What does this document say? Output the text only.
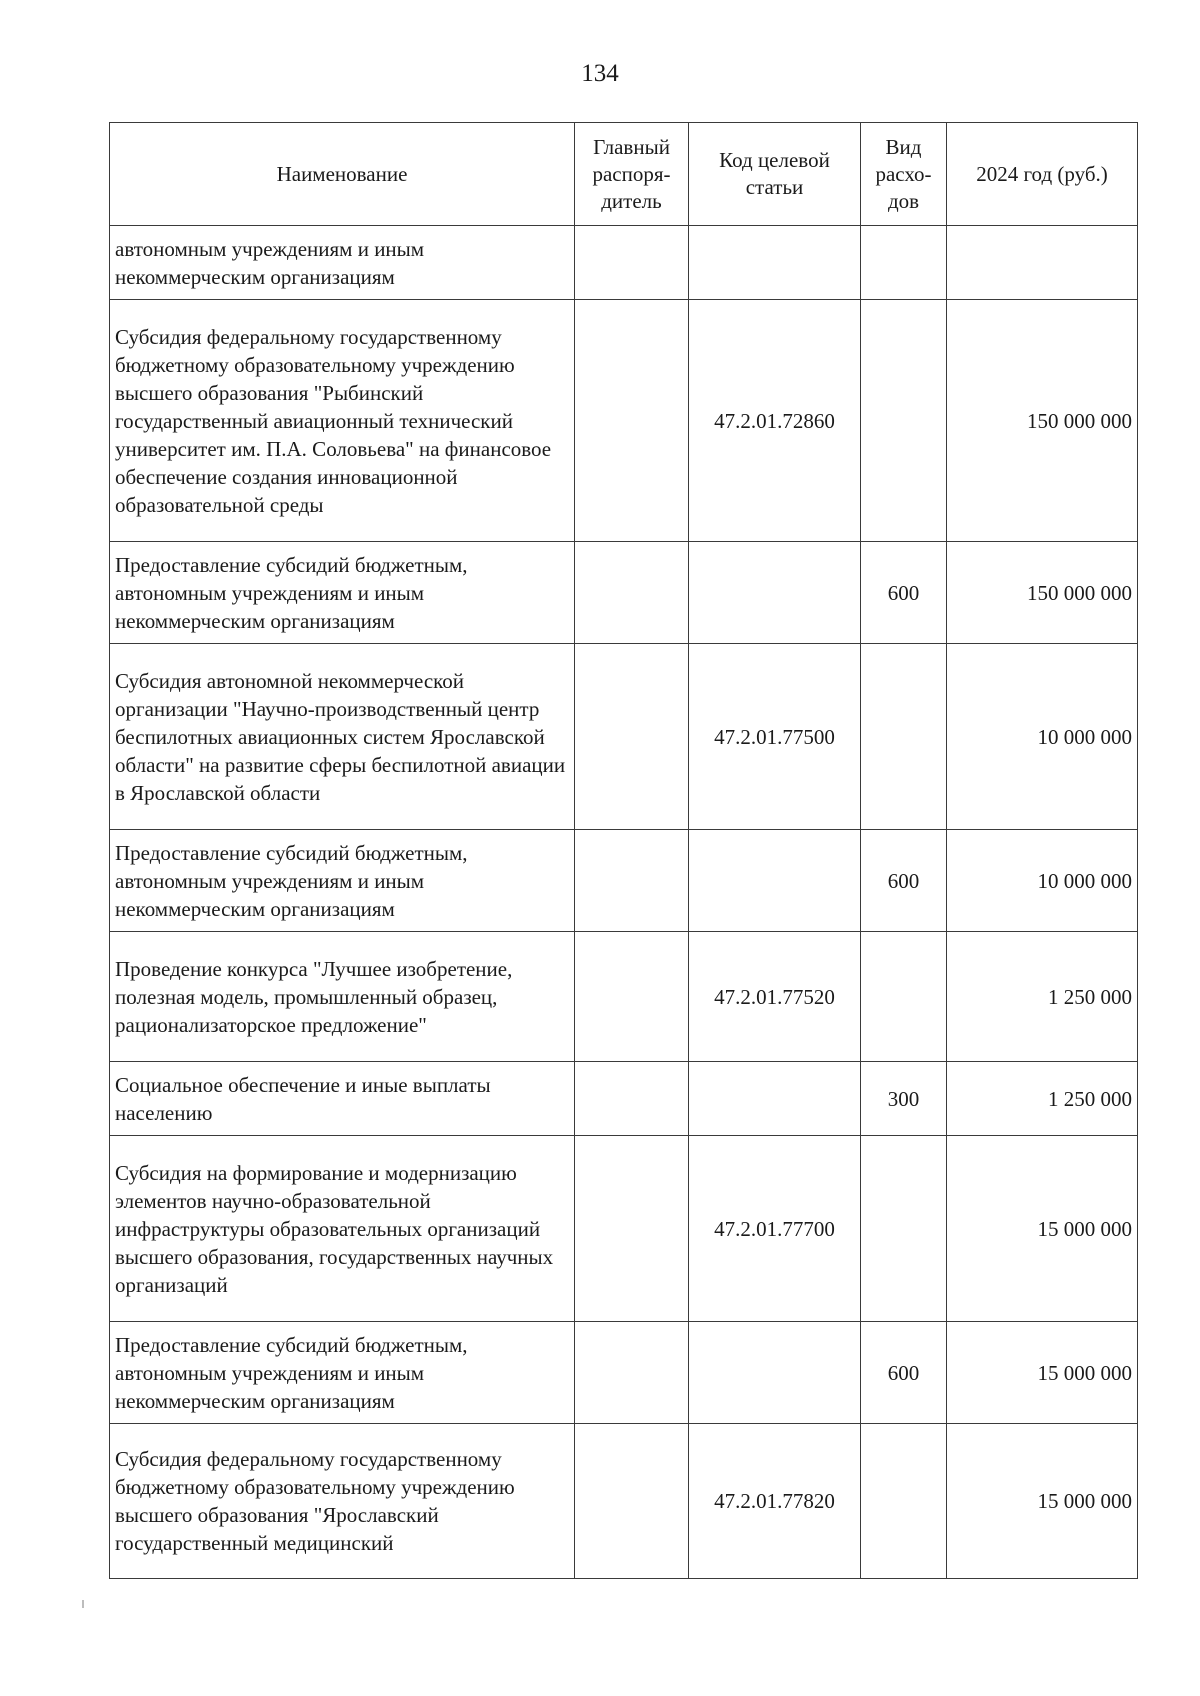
134
Наименование	Главный распоря-дитель	Код целевой статьи	Вид расхо-дов	2024 год (руб.)
автономным учреждениям и иным некоммерческим организациям				
Субсидия федеральному государственному бюджетному образовательному учреждению высшего образования "Рыбинский государственный авиационный технический университет им. П.А. Соловьева" на финансовое обеспечение создания инновационной образовательной среды		47.2.01.72860		150 000 000
Предоставление субсидий бюджетным, автономным учреждениям и иным некоммерческим организациям			600	150 000 000
Субсидия автономной некоммерческой организации "Научно-производственный центр беспилотных авиационных систем Ярославской области" на развитие сферы беспилотной авиации в Ярославской области		47.2.01.77500		10 000 000
Предоставление субсидий бюджетным, автономным учреждениям и иным некоммерческим организациям			600	10 000 000
Проведение конкурса "Лучшее изобретение, полезная модель, промышленный образец, рационализаторское предложение"		47.2.01.77520		1 250 000
Социальное обеспечение и иные выплаты населению			300	1 250 000
Субсидия на формирование и модернизацию элементов научно-образовательной инфраструктуры образовательных организаций высшего образования, государственных научных организаций		47.2.01.77700		15 000 000
Предоставление субсидий бюджетным, автономным учреждениям и иным некоммерческим организациям			600	15 000 000
Субсидия федеральному государственному бюджетному образовательному учреждению высшего образования "Ярославский государственный медицинский		47.2.01.77820		15 000 000
